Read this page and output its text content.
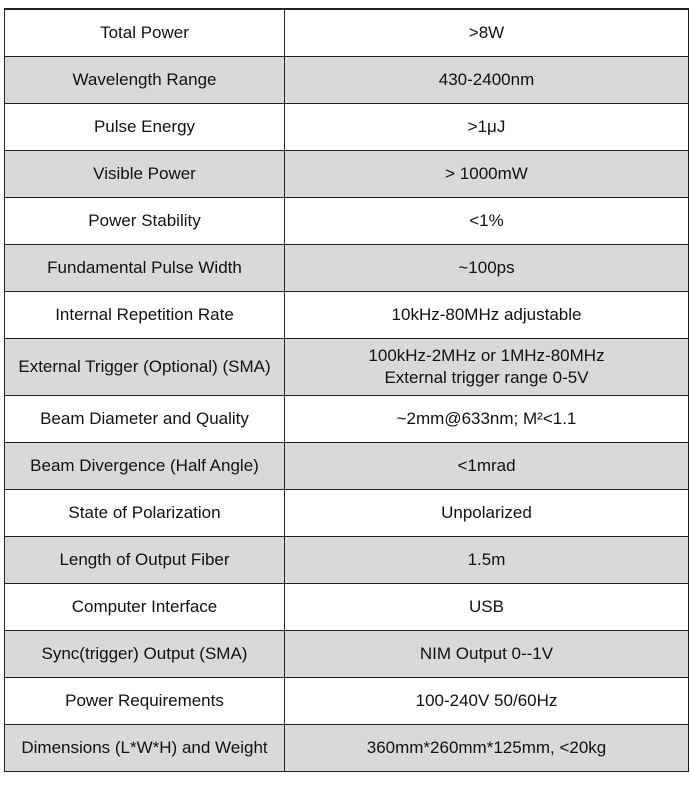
Total Power	>8W
Wavelength Range	430-2400nm
Pulse Energy	>1μJ
Visible Power	> 1000mW
Power Stability	<1%
Fundamental Pulse Width	~100ps
Internal Repetition Rate	10kHz-80MHz adjustable
External Trigger (Optional) (SMA)	100kHz-2MHz or 1MHz-80MHz
External trigger range 0-5V

Beam Diameter and Quality	~2mm@633nm; M²<1.1
Beam Divergence (Half Angle)	<1mrad
State of Polarization	Unpolarized
Length of Output Fiber	1.5m
Computer Interface	USB
Sync(trigger) Output (SMA)	NIM Output 0--1V
Power Requirements	100-240V 50/60Hz
Dimensions (L*W*H) and Weight	360mm*260mm*125mm, <20kg
